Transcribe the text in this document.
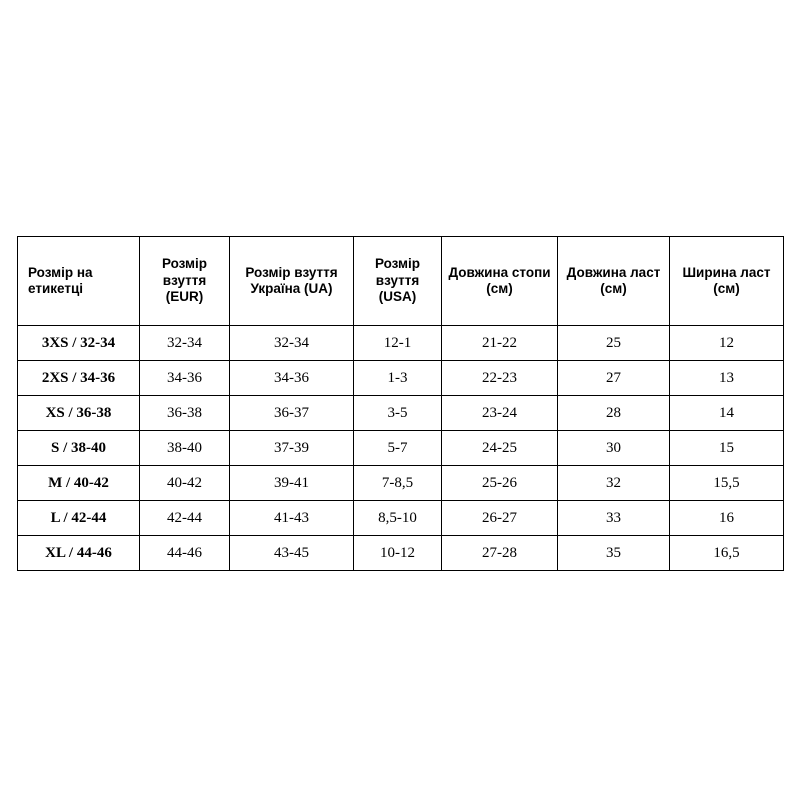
Розмір на етикетці	Розмір взуття (EUR)	Розмір взуття Україна (UA)	Розмір взуття (USA)	Довжина стопи (см)	Довжина ласт (см)	Ширина ласт (см)
3XS / 32-34	32-34	32-34	12-1	21-22	25	12
2XS / 34-36	34-36	34-36	1-3	22-23	27	13
XS / 36-38	36-38	36-37	3-5	23-24	28	14
S / 38-40	38-40	37-39	5-7	24-25	30	15
M / 40-42	40-42	39-41	7-8,5	25-26	32	15,5
L / 42-44	42-44	41-43	8,5-10	26-27	33	16
XL / 44-46	44-46	43-45	10-12	27-28	35	16,5
